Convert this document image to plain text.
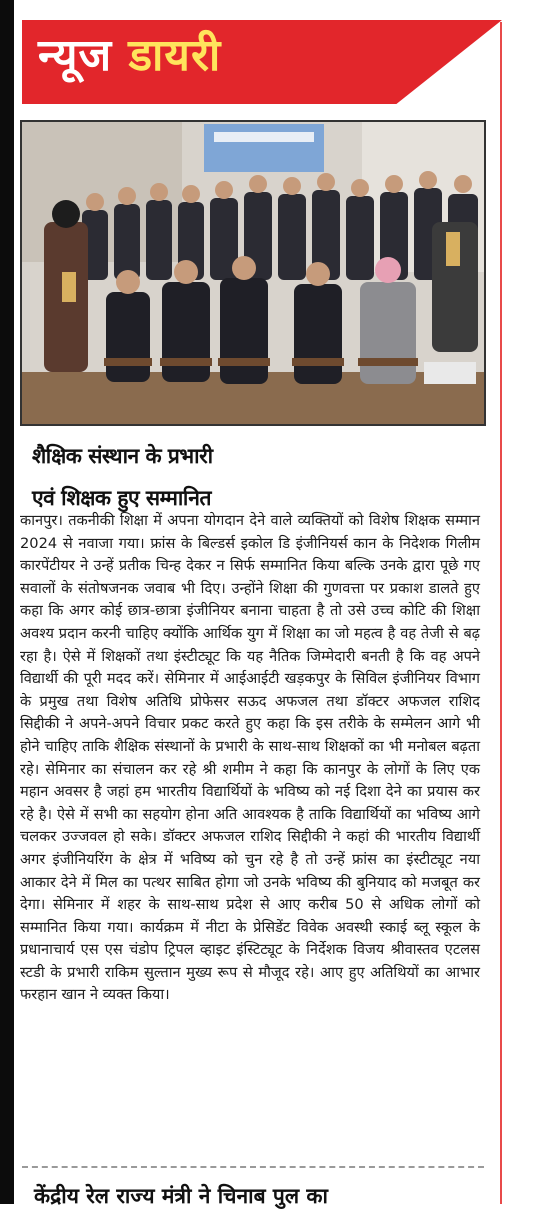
न्यूज डायरी
शैक्षिक संस्थान के प्रभारी
एवं शिक्षक हुए सम्मानित

कानपुर। तकनीकी शिक्षा में अपना योगदान देने वाले व्यक्तियों को विशेष शिक्षक सम्मान 2024 से नवाजा गया। फ्रांस के बिल्डर्स इकोल डि इंजीनियर्स कान के निदेशक गिलीम कारपेंटीयर ने उन्हें प्रतीक चिन्ह देकर न सिर्फ सम्मानित किया बल्कि उनके द्वारा पूछे गए सवालों के संतोषजनक जवाब भी दिए। उन्होंने शिक्षा की गुणवत्ता पर प्रकाश डालते हुए कहा कि अगर कोई छात्र-छात्रा इंजीनियर बनाना चाहता है तो उसे उच्च कोटि की शिक्षा अवश्य प्रदान करनी चाहिए क्योंकि आर्थिक युग में शिक्षा का जो महत्व है वह तेजी से बढ़ रहा है। ऐसे में शिक्षकों तथा इंस्टीट्यूट कि यह नैतिक जिम्मेदारी बनती है कि वह अपने विद्यार्थी की पूरी मदद करें। सेमिनार में आईआईटी खड़कपुर के सिविल इंजीनियर विभाग के प्रमुख तथा विशेष अतिथि प्रोफेसर सऊद अफजल तथा डॉक्टर अफजल राशिद सिद्दीकी ने अपने-अपने विचार प्रकट करते हुए कहा कि इस तरीके के सम्मेलन आगे भी होने चाहिए ताकि शैक्षिक संस्थानों के प्रभारी के साथ-साथ शिक्षकों का भी मनोबल बढ़ता रहे। सेमिनार का संचालन कर रहे श्री शमीम ने कहा कि कानपुर के लोगों के लिए एक महान अवसर है जहां हम भारतीय विद्यार्थियों के भविष्य को नई दिशा देने का प्रयास कर रहे है। ऐसे में सभी का सहयोग होना अति आवश्यक है ताकि विद्यार्थियों का भविष्य आगे चलकर उज्जवल हो सके। डॉक्टर अफजल राशिद सिद्दीकी ने कहां की भारतीय विद्यार्थी अगर इंजीनियरिंग के क्षेत्र में भविष्य को चुन रहे है तो उन्हें फ्रांस का इंस्टीट्यूट नया आकार देने में मिल का पत्थर साबित होगा जो उनके भविष्य की बुनियाद को मजबूत कर देगा। सेमिनार में शहर के साथ-साथ प्रदेश से आए करीब 50 से अधिक लोगों को सम्मानित किया गया। कार्यक्रम में नीटा के प्रेसिडेंट विवेक अवस्थी स्काई ब्लू स्कूल के प्रधानाचार्य एस एस चंडोप ट्रिपल व्हाइट इंस्टिट्यूट के निर्देशक विजय श्रीवास्तव एटलस स्टडी के प्रभारी राकिम सुल्तान मुख्य रूप से मौजूद रहे। आए हुए अतिथियों का आभार फरहान खान ने व्यक्त किया।

केंद्रीय रेल राज्य मंत्री ने चिनाब पुल का
